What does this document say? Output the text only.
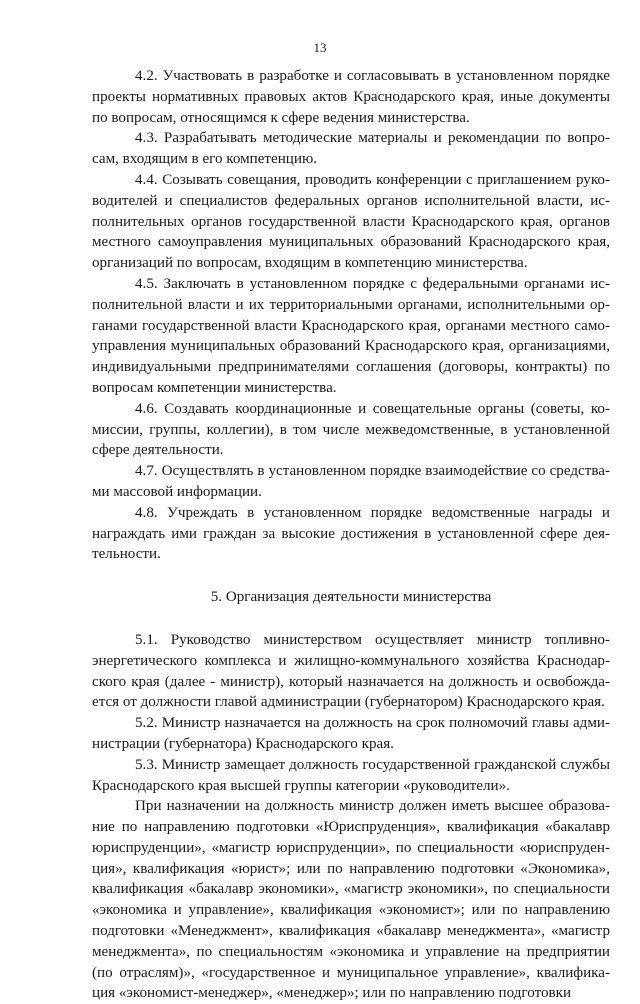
13
4.2. Участвовать в разработке и согласовывать в установленном порядке
проекты нормативных правовых актов Краснодарского края, иные документы
по вопросам, относящимся к сфере ведения министерства.
4.3. Разрабатывать методические материалы и рекомендации по вопро-
сам, входящим в его компетенцию.
4.4. Созывать совещания, проводить конференции с приглашением руко-
водителей и специалистов федеральных органов исполнительной власти, ис-
полнительных органов государственной власти Краснодарского края, органов
местного самоуправления муниципальных образований Краснодарского края,
организаций по вопросам, входящим в компетенцию министерства.
4.5. Заключать в установленном порядке с федеральными органами ис-
полнительной власти и их территориальными органами, исполнительными ор-
ганами государственной власти Краснодарского края, органами местного само-
управления муниципальных образований Краснодарского края, организациями,
индивидуальными предпринимателями соглашения (договоры, контракты) по
вопросам компетенции министерства.
4.6. Создавать координационные и совещательные органы (советы, ко-
миссии, группы, коллегии), в том числе межведомственные, в установленной
сфере деятельности.
4.7. Осуществлять в установленном порядке взаимодействие со средства-
ми массовой информации.
4.8. Учреждать в установленном порядке ведомственные награды и
награждать ими граждан за высокие достижения в установленной сфере дея-
тельности.
5. Организация деятельности министерства
5.1. Руководство министерством осуществляет министр топливно-
энергетического комплекса и жилищно-коммунального хозяйства Краснодар-
ского края (далее - министр), который назначается на должность и освобожда-
ется от должности главой администрации (губернатором) Краснодарского края.
5.2. Министр назначается на должность на срок полномочий главы адми-
нистрации (губернатора) Краснодарского края.
5.3. Министр замещает должность государственной гражданской службы
Краснодарского края высшей группы категории «руководители».
При назначении на должность министр должен иметь высшее образова-
ние по направлению подготовки «Юриспруденция», квалификация «бакалавр
юриспруденции», «магистр юриспруденции», по специальности «юриспруден-
ция», квалификация «юрист»; или по направлению подготовки «Экономика»,
квалификация «бакалавр экономики», «магистр экономики», по специальности
«экономика и управление», квалификация «экономист»; или по направлению
подготовки «Менеджмент», квалификация «бакалавр менеджмента», «магистр
менеджмента», по специальностям «экономика и управление на предприятии
(по отраслям)», «государственное и муниципальное управление», квалифика-
ция «экономист-менеджер», «менеджер»; или по направлению подготовки
